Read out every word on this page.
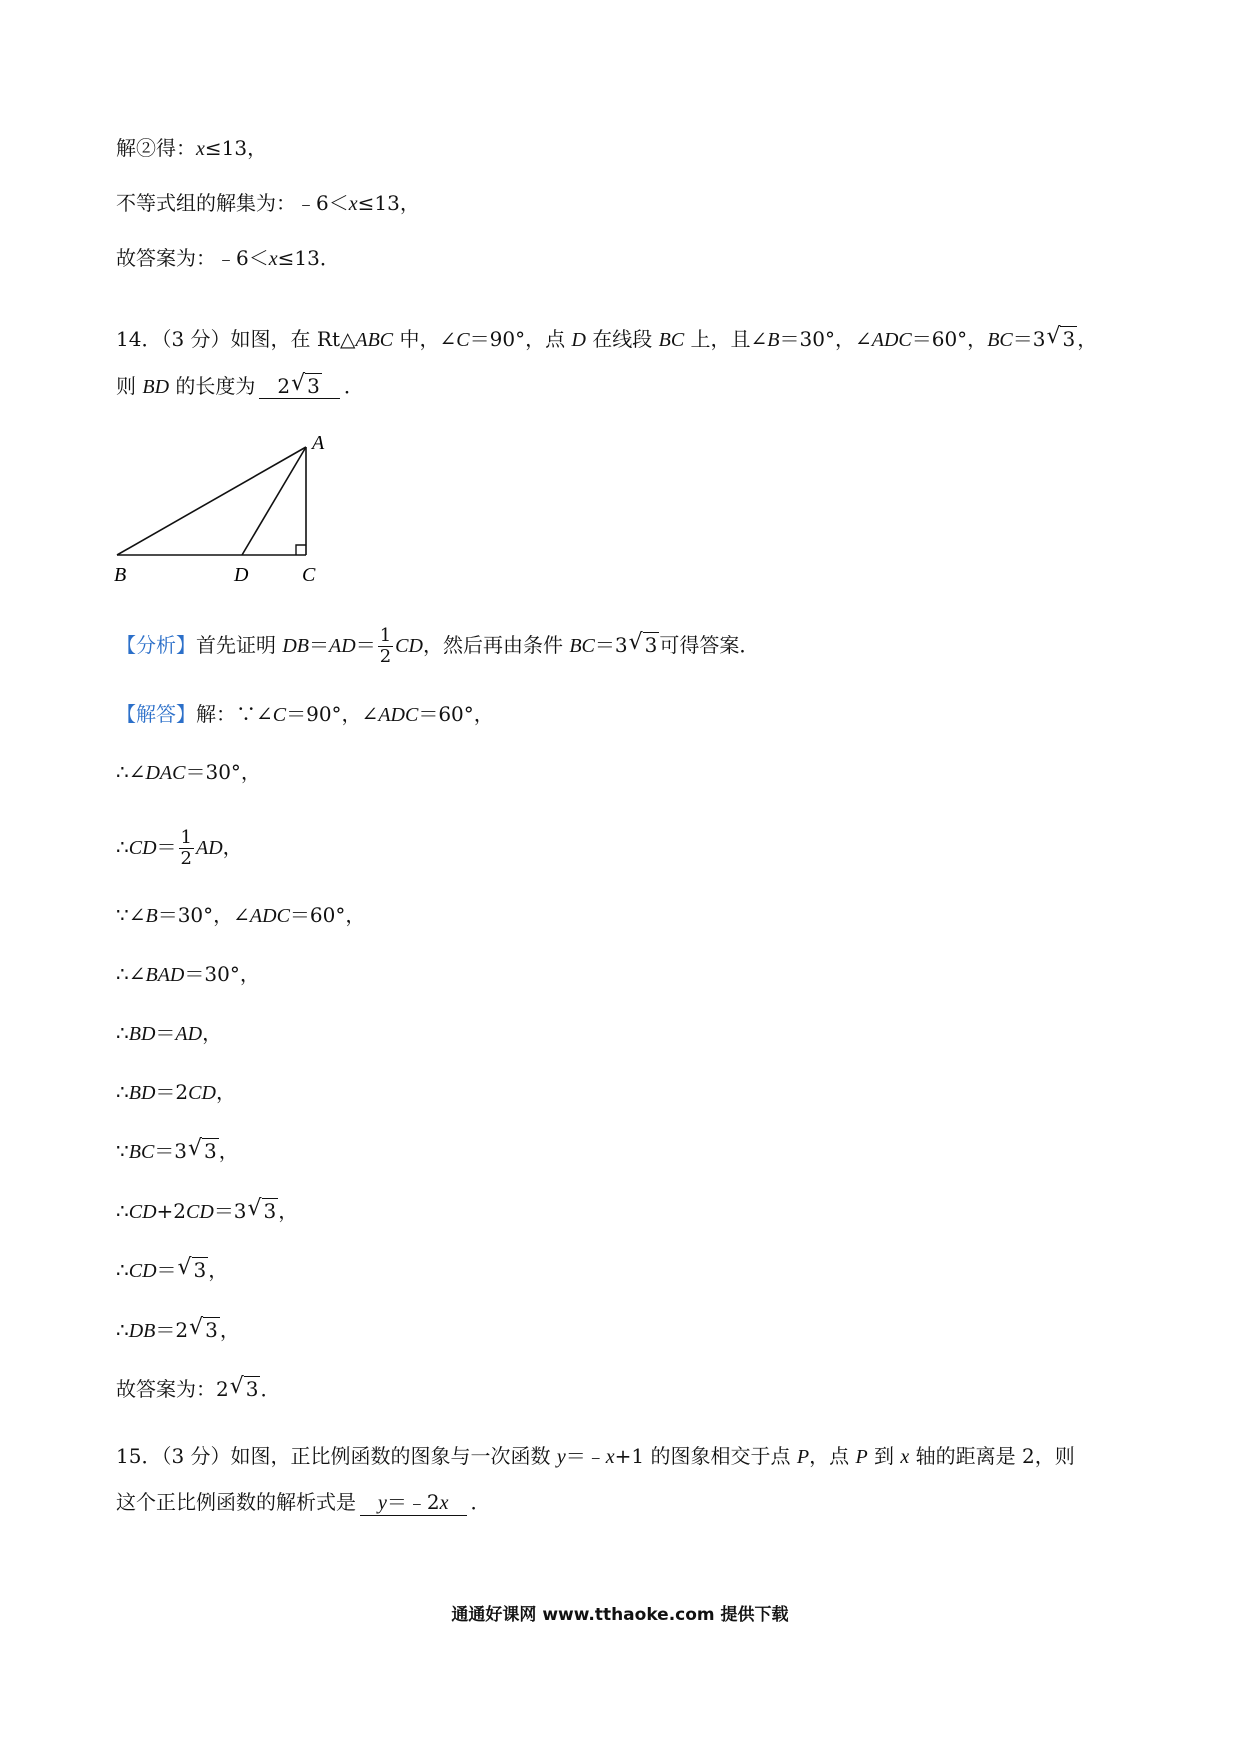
解②得：x≤13，
不等式组的解集为：﹣6＜x≤13，
故答案为：﹣6＜x≤13．
14．（3 分）如图，在 Rt△ABC 中，∠C＝90°，点 D 在线段 BC 上，且∠B＝30°，∠ADC＝60°，BC＝3 √ 3 ，
则 BD 的长度为 2 √ 3 ．
A
B	D	C
【分析】首先证明 $DB=AD= \frac{1}{2}$ CD，然后再由条件 BC＝3 √ 3 可得答案．
【解答】解：∵∠C＝90°，∠ADC＝60°，
∴∠DAC＝30°，
∴CD＝ $\frac{1}{2}$ AD，
∵∠B＝30°，∠ADC＝60°，
∴∠BAD＝30°，
∴BD＝AD，
∴BD＝2CD，
∵BC＝3 √ 3 ，
∴CD+2CD＝3 √ 3 ，
∴CD＝ √ 3 ，
∴DB＝2 √ 3 ，
故答案为：2 √ 3 ．
15．（3 分）如图，正比例函数的图象与一次函数 y＝﹣x+1 的图象相交于点 P，点 P 到 x 轴的距离是 2，则
这个正比例函数的解析式是 y＝﹣2x ．
通通好课网 www.tthaoke.com 提供下载
